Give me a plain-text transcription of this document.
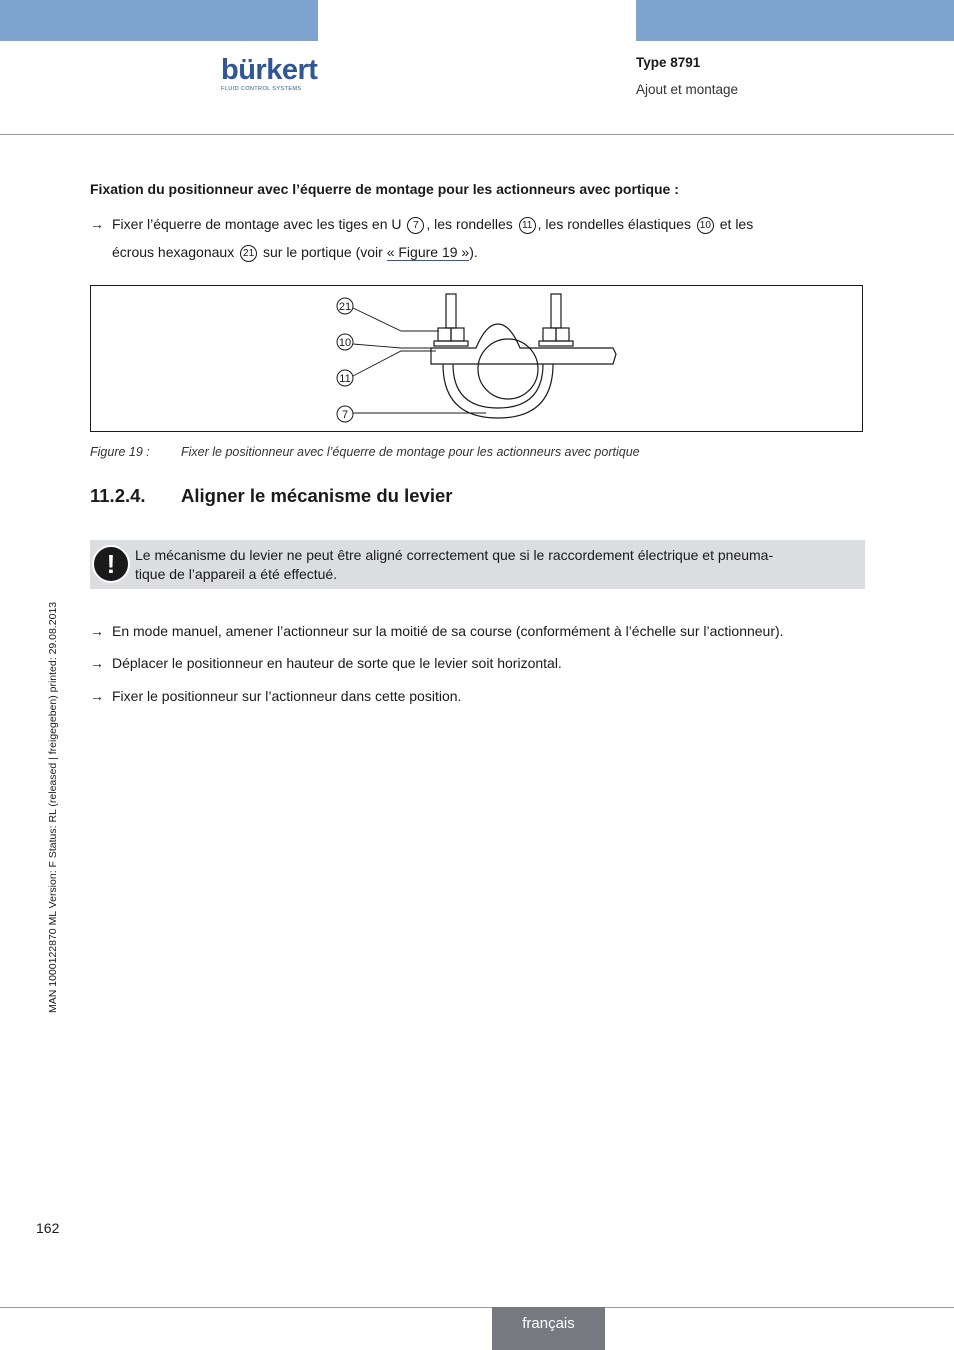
bürkert
FLUID CONTROL SYSTEMS
Type 8791
Ajout et montage
MAN 1000122870 ML Version: F Status: RL (released | freigegeben) printed: 29.08.2013
Fixation du positionneur avec l’équerre de montage pour les actionneurs avec portique :
→ Fixer l’équerre de montage avec les tiges en U 7 , les rondelles 11 , les rondelles élastiques 10 et les
écrous hexagonaux 21 sur le portique (voir « Figure 19 »).
21
10
11
7
Figure 19 : Fixer le positionneur avec l’équerre de montage pour les actionneurs avec portique
11.2.4. Aligner le mécanisme du levier
!	Le mécanisme du levier ne peut être aligné correctement que si le raccordement électrique et pneuma-
tique de l’appareil a été effectué.
→ En mode manuel, amener l’actionneur sur la moitié de sa course (conformément à l’échelle sur l’actionneur).
→ Déplacer le positionneur en hauteur de sorte que le levier soit horizontal.
→ Fixer le positionneur sur l’actionneur dans cette position.
162
français
